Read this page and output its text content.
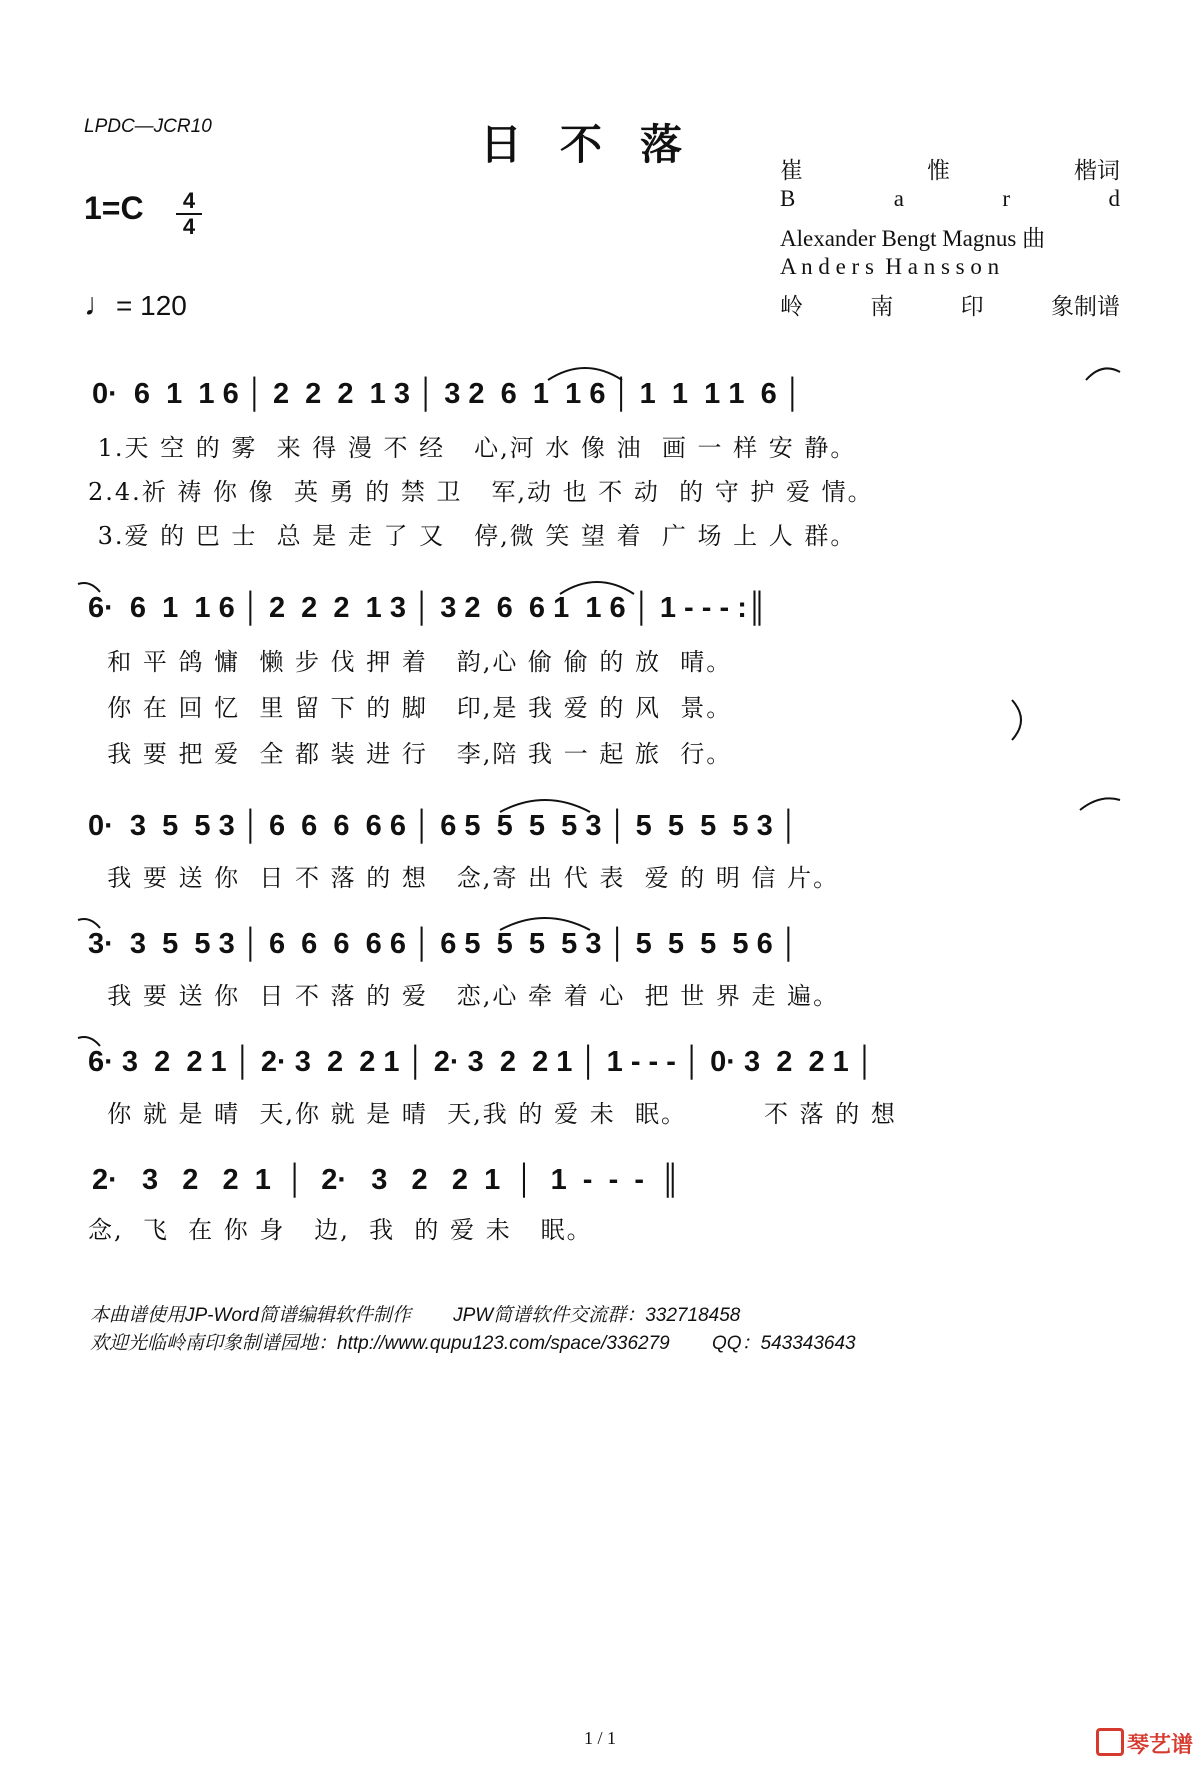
LPDC—JCR10	日不落
1=C	4
4
♩= 120
崔	惟	楷词
B	a	r	d
Alexander Bengt Magnus 曲
A n d e r s  H a n s s o n
岭	南	印	象制谱
0·  6  1  1 6 │ 2  2  2  1 3 │ 3 2  6  1  1 6 │ 1  1  1 1  6 │
1.天 空 的 雾  来 得 漫 不 经   心,河 水 像 油  画 一 样 安 静。
2.4.祈 祷 你 像  英 勇 的 禁 卫   军,动 也 不 动  的 守 护 爱 情。
3.爱 的 巴 士  总 是 走 了 又   停,微 笑 望 着  广 场 上 人 群。
6·  6  1  1 6 │ 2  2  2  1 3 │ 3 2  6  6 1  1 6 │ 1 - - - :║
和 平 鸽 慵  懒 步 伐 押 着   韵,心 偷 偷 的 放  晴。
你 在 回 忆  里 留 下 的 脚   印,是 我 爱 的 风  景。
我 要 把 爱  全 都 装 进 行   李,陪 我 一 起 旅  行。
0·  3  5  5 3 │ 6  6  6  6 6 │ 6 5  5  5  5 3 │ 5  5  5  5 3 │
我 要 送 你  日 不 落 的 想   念,寄 出 代 表  爱 的 明 信 片。
3·  3  5  5 3 │ 6  6  6  6 6 │ 6 5  5  5  5 3 │ 5  5  5  5 6 │
我 要 送 你  日 不 落 的 爱   恋,心 牵 着 心  把 世 界 走 遍。
6· 3  2  2 1 │ 2· 3  2  2 1 │ 2· 3  2  2 1 │ 1 - - - │ 0· 3  2  2 1 │
你 就 是 晴  天,你 就 是 晴  天,我 的 爱 未  眠。        不 落 的 想
2·   3   2   2  1  │  2·   3   2   2  1  │  1  -  -  -  ║
念,  飞  在 你 身   边,  我  的 爱 未   眠。
本曲谱使用JP-Word简谱编辑软件制作        JPW简谱软件交流群：332718458
欢迎光临岭南印象制谱园地：http://www.qupu123.com/space/336279        QQ：543343643
1 / 1	琴艺谱
